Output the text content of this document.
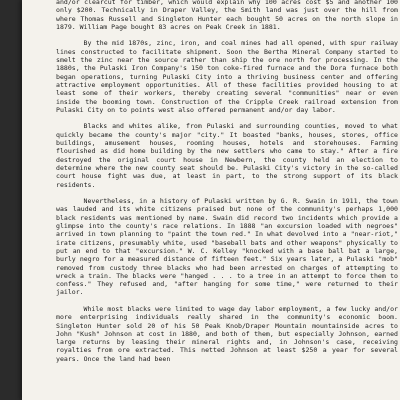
and/or clearcut for timber, which would explain why 100 acres cost $5 and another 100 only $200. Technically in Draper Valley, the Smith land was just over the hill from where Thomas Russell and Singleton Hunter each bought 50 acres on the north slope in 1879. William Page bought 83 acres on Peak Creek in 1881.

By the mid 1870s, zinc, iron, and coal mines had all opened, with spur railway lines constructed to facilitate shipment. Soon the Bertha Mineral Company started to smelt the zinc near the source rather than ship the ore north for processing. In the 1880s, the Pulaski Iron Company's 150 ton coke-fired furnace and the Dora furnace both began operations, turning Pulaski City into a thriving business center and offering attractive employment opportunities. All of these facilities provided housing to at least some of their workers, thereby creating several "communities" near or even inside the booming town. Construction of the Cripple Creek railroad extension from Pulaski City on to points west also offered permanent and/or day labor.

Blacks and whites alike, from Pulaski and surrounding counties, moved to what quickly became the county's major "city." It boasted "banks, houses, stores, office buildings, amusement houses, rooming houses, hotels and storehouses. Farming flourished as did home building by the new settlers who came to stay." After a fire destroyed the original court house in Newbern, the county held an election to determine where the new county seat should be. Pulaski City's victory in the so-called court house fight was due, at least in part, to the strong support of its black residents.

Nevertheless, in a history of Pulaski written by G. R. Swain in 1911, the town was lauded and its white citizens praised but none of the community's perhaps 1,000 black residents was mentioned by name. Swain did record two incidents which provide a glimpse into the county's race relations. In 1888 "an excursion loaded with negroes" arrived in town planning to "paint the town red." In what devolved into a "near-riot," irate citizens, presumably white, used "baseball bats and other weapons" physically to put an end to that "excursion." W. C. Kelley "knocked with a base ball bat a large, burly negro for a measured distance of fifteen feet." Six years later, a Pulaski "mob" removed from custody three blacks who had been arrested on charges of attempting to wreck a train. The blacks were "hanged . . . to a tree in an attempt to force them to confess." They refused and, "after hanging for some time," were returned to their jailor.

While most blacks were limited to wage day labor employment, a few lucky and/or more enterprising individuals really shared in the community's economic boom. Singleton Hunter sold 20 of his 50 Peak Knob/Draper Mountain mountainside acres to John "Kush" Johnson at cost in 1880, and both of them, but especially Johnson, earned large returns by leasing their mineral rights and, in Johnson's case, receiving royalties from ore extracted. This netted Johnson at least $250 a year for several years. Once the land had been
